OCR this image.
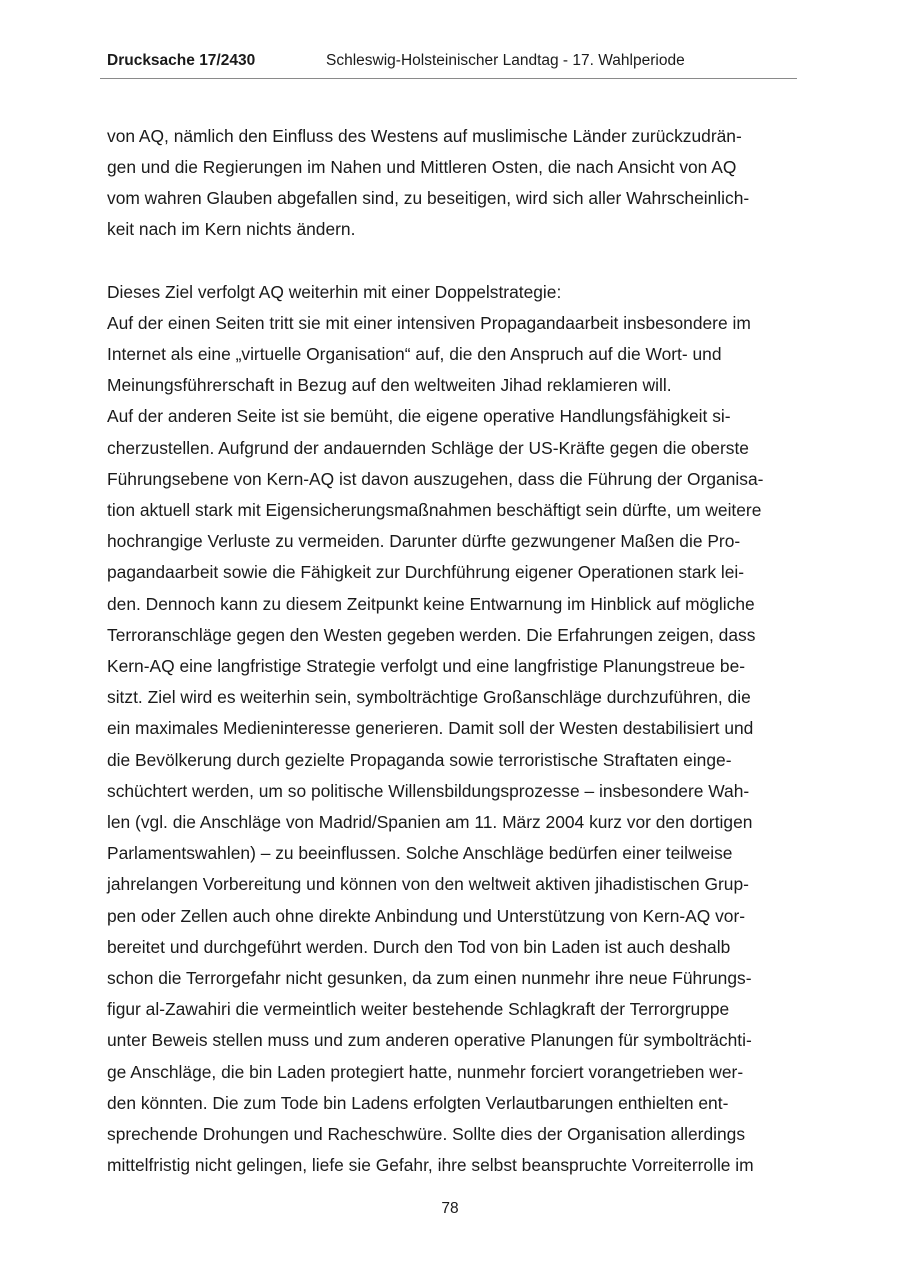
Drucksache 17/2430	Schleswig-Holsteinischer Landtag - 17. Wahlperiode
von AQ, nämlich den Einfluss des Westens auf muslimische Länder zurückzudrän-
gen und die Regierungen im Nahen und Mittleren Osten, die nach Ansicht von AQ
vom wahren Glauben abgefallen sind, zu beseitigen, wird sich aller Wahrscheinlich-
keit nach im Kern nichts ändern.
Dieses Ziel verfolgt AQ weiterhin mit einer Doppelstrategie:
Auf der einen Seiten tritt sie mit einer intensiven Propagandaarbeit insbesondere im
Internet als eine „virtuelle Organisation“ auf, die den Anspruch auf die Wort- und
Meinungsführerschaft in Bezug auf den weltweiten Jihad reklamieren will.
Auf der anderen Seite ist sie bemüht, die eigene operative Handlungsfähigkeit si-
cherzustellen. Aufgrund der andauernden Schläge der US-Kräfte gegen die oberste
Führungsebene von Kern-AQ ist davon auszugehen, dass die Führung der Organisa-
tion aktuell stark mit Eigensicherungsmaßnahmen beschäftigt sein dürfte, um weitere
hochrangige Verluste zu vermeiden. Darunter dürfte gezwungener Maßen die Pro-
pagandaarbeit sowie die Fähigkeit zur Durchführung eigener Operationen stark lei-
den. Dennoch kann zu diesem Zeitpunkt keine Entwarnung im Hinblick auf mögliche
Terroranschläge gegen den Westen gegeben werden. Die Erfahrungen zeigen, dass
Kern-AQ eine langfristige Strategie verfolgt und eine langfristige Planungstreue be-
sitzt. Ziel wird es weiterhin sein, symbolträchtige Großanschläge durchzuführen, die
ein maximales Medieninteresse generieren. Damit soll der Westen destabilisiert und
die Bevölkerung durch gezielte Propaganda sowie terroristische Straftaten einge-
schüchtert werden, um so politische Willensbildungsprozesse – insbesondere Wah-
len (vgl. die Anschläge von Madrid/Spanien am 11. März 2004 kurz vor den dortigen
Parlamentswahlen) – zu beeinflussen. Solche Anschläge bedürfen einer teilweise
jahrelangen Vorbereitung und können von den weltweit aktiven jihadistischen Grup-
pen oder Zellen auch ohne direkte Anbindung und Unterstützung von Kern-AQ vor-
bereitet und durchgeführt werden. Durch den Tod von bin Laden ist auch deshalb
schon die Terrorgefahr nicht gesunken, da zum einen nunmehr ihre neue Führungs-
figur al-Zawahiri die vermeintlich weiter bestehende Schlagkraft der Terrorgruppe
unter Beweis stellen muss und zum anderen operative Planungen für symbolträchti-
ge Anschläge, die bin Laden protegiert hatte, nunmehr forciert vorangetrieben wer-
den könnten. Die zum Tode bin Ladens erfolgten Verlautbarungen enthielten ent-
sprechende Drohungen und Racheschwüre. Sollte dies der Organisation allerdings
mittelfristig nicht gelingen, liefe sie Gefahr, ihre selbst beanspruchte Vorreiterrolle im
78
